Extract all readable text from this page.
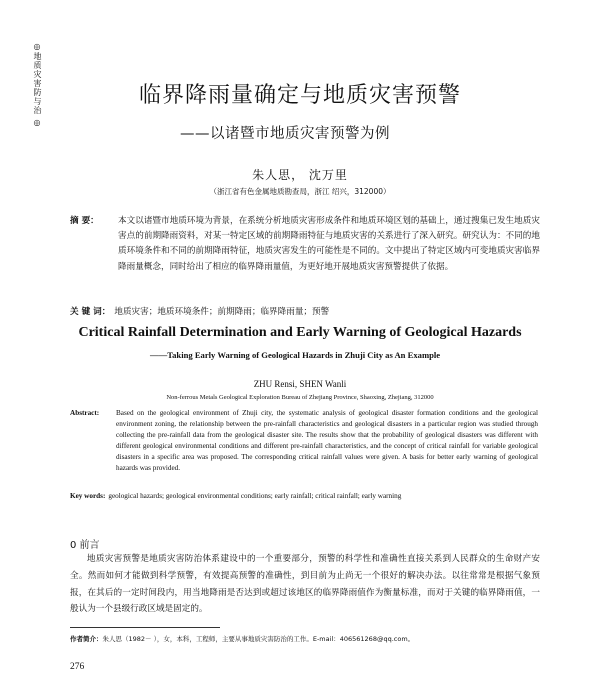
◎
地质灾害防与治
◎
临界降雨量确定与地质灾害预警
——以诸暨市地质灾害预警为例
朱人思， 沈万里
（浙江省有色金属地质勘查局，浙江 绍兴，312000）
摘 要：	本文以诸暨市地质环境为背景，在系统分析地质灾害形成条件和地质环境区划的基础上，通过搜集已发生地质灾害点的前期降雨资料，对某一特定区域的前期降雨特征与地质灾害的关系进行了深入研究。研究认为：不同的地质环境条件和不同的前期降雨特征，地质灾害发生的可能性是不同的。文中提出了特定区域内可变地质灾害临界降雨量概念，同时给出了相应的临界降雨量值，为更好地开展地质灾害预警提供了依据。
关 键 词： 地质灾害；地质环境条件；前期降雨；临界降雨量；预警
Critical Rainfall Determination and Early Warning of Geological Hazards
——Taking Early Warning of Geological Hazards in Zhuji City as An Example
ZHU Rensi, SHEN Wanli
Non-ferrous Metals Geological Exploration Bureau of Zhejiang Province, Shaoxing, Zhejiang, 312000
Abstract: Based on the geological environment of Zhuji city, the systematic analysis of geological disaster formation conditions and the geological environment zoning, the relationship between the pre-rainfall characteristics and geological disasters in a particular region was studied through collecting the pre-rainfall data from the geological disaster site. The results show that the probability of geological disasters was different with different geological environmental conditions and different pre-rainfall characteristics, and the concept of critical rainfall for variable geological disasters in a specific area was proposed. The corresponding critical rainfall values were given. A basis for better early warning of geological hazards was provided.
Key words: geological hazards; geological environmental conditions; early rainfall; critical rainfall; early warning
0 前言
地质灾害预警是地质灾害防治体系建设中的一个重要部分，预警的科学性和准确性直接关系到人民群众的生命财产安全。然而如何才能做到科学预警，有效提高预警的准确性，到目前为止尚无一个很好的解决办法。以往常常是根据气象预报，在其后的一定时间段内，用当地降雨是否达到或超过该地区的临界降雨值作为衡量标准，而对于关键的临界降雨值，一般认为一个县级行政区域是固定的。
作者简介：朱人思（1982－ ），女，本科，工程师，主要从事地质灾害防治的工作。E-mail：406561268@qq.com。
276
